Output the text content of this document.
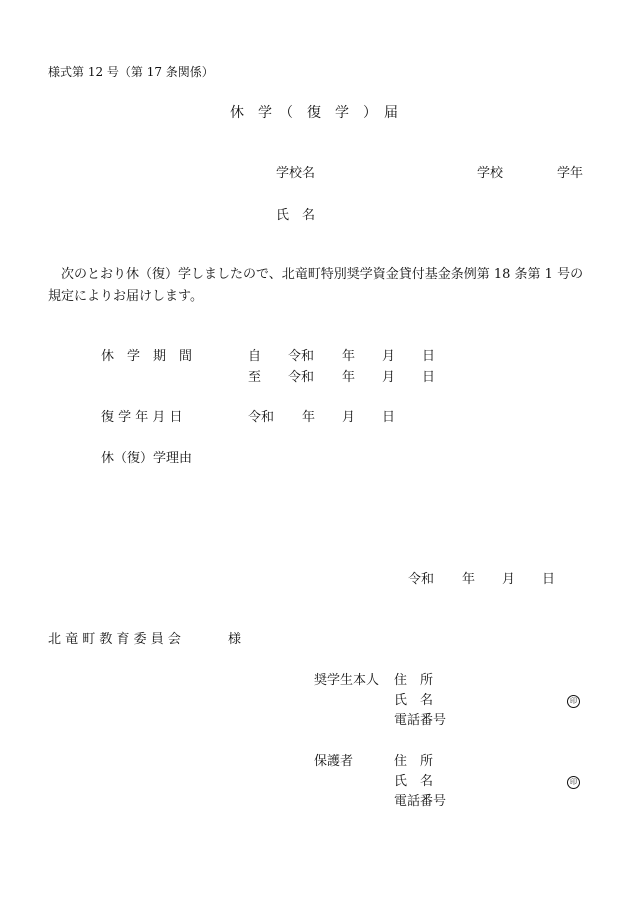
様式第 12 号（第 17 条関係）
休　学　（　復　学　）　届
学校名	学校	学年
氏　名
　次のとおり休（復）学しましたので、北竜町特別奨学資金貸付基金条例第 18 条第 1 号の
規定によりお届けします。
休　学　期　間	自 令和 年 月 日
至 令和 年 月 日
復 学 年 月 日	令和 年 月 日
休（復）学理由
令和 年 月 日
北 竜 町 教 育 委 員 会	様
奨学生本人 住　所
氏　名	印
電話番号
保護者	住　所
氏　名	印
電話番号
